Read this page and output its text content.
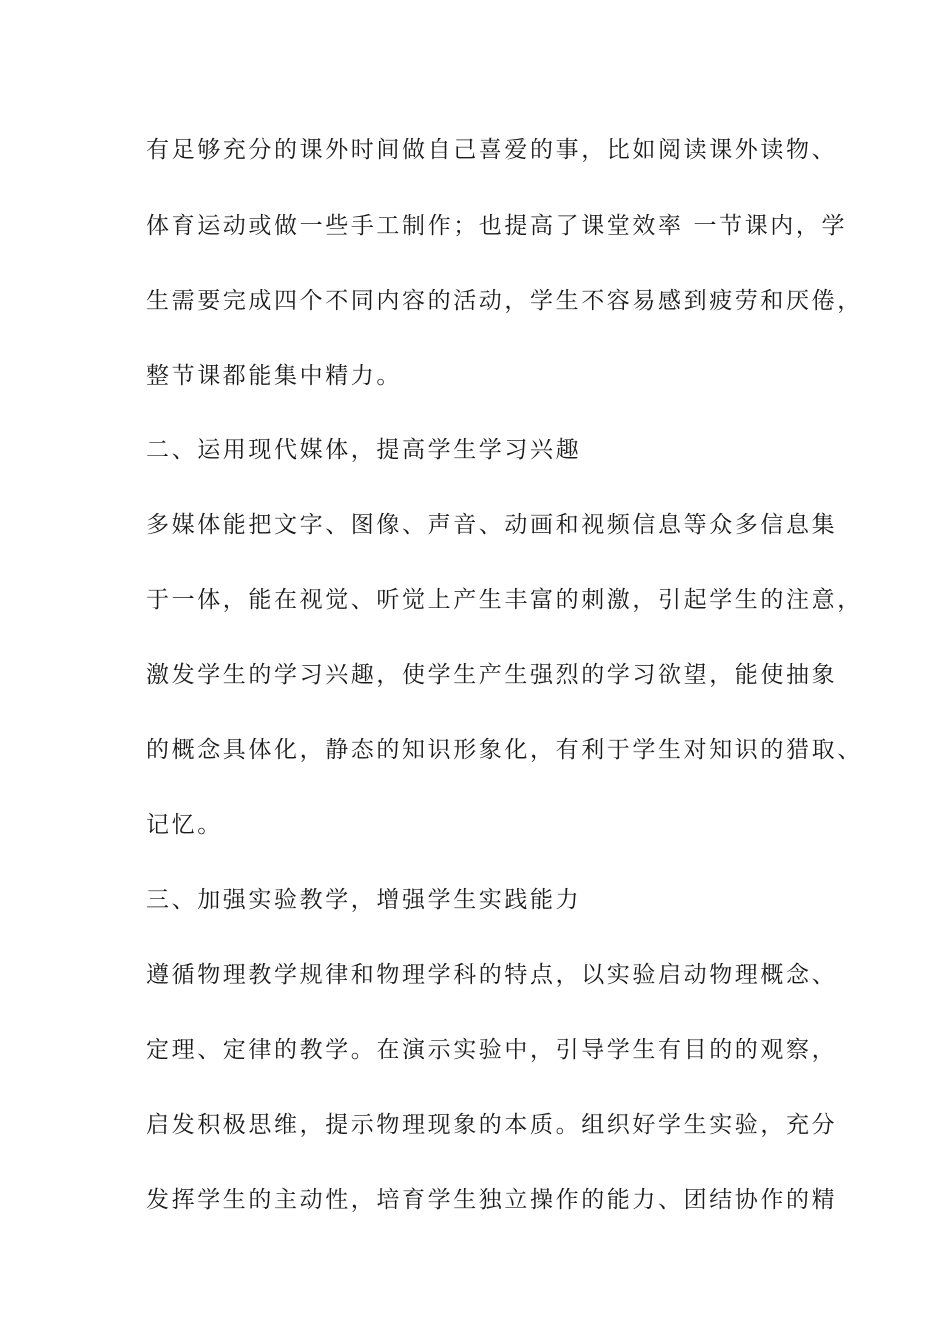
有足够充分的课外时间做自己喜爱的事，比如阅读课外读物、
体育运动或做一些手工制作；也提高了课堂效率 一节课内，学
生需要完成四个不同内容的活动，学生不容易感到疲劳和厌倦，
整节课都能集中精力。
二、运用现代媒体，提高学生学习兴趣
多媒体能把文字、图像、声音、动画和视频信息等众多信息集
于一体，能在视觉、听觉上产生丰富的刺激，引起学生的注意，
激发学生的学习兴趣，使学生产生强烈的学习欲望，能使抽象
的概念具体化，静态的知识形象化，有利于学生对知识的猎取、
记忆。
三、加强实验教学，增强学生实践能力
遵循物理教学规律和物理学科的特点，以实验启动物理概念、
定理、定律的教学。在演示实验中，引导学生有目的的观察，
启发积极思维，提示物理现象的本质。组织好学生实验，充分
发挥学生的主动性，培育学生独立操作的能力、团结协作的精
